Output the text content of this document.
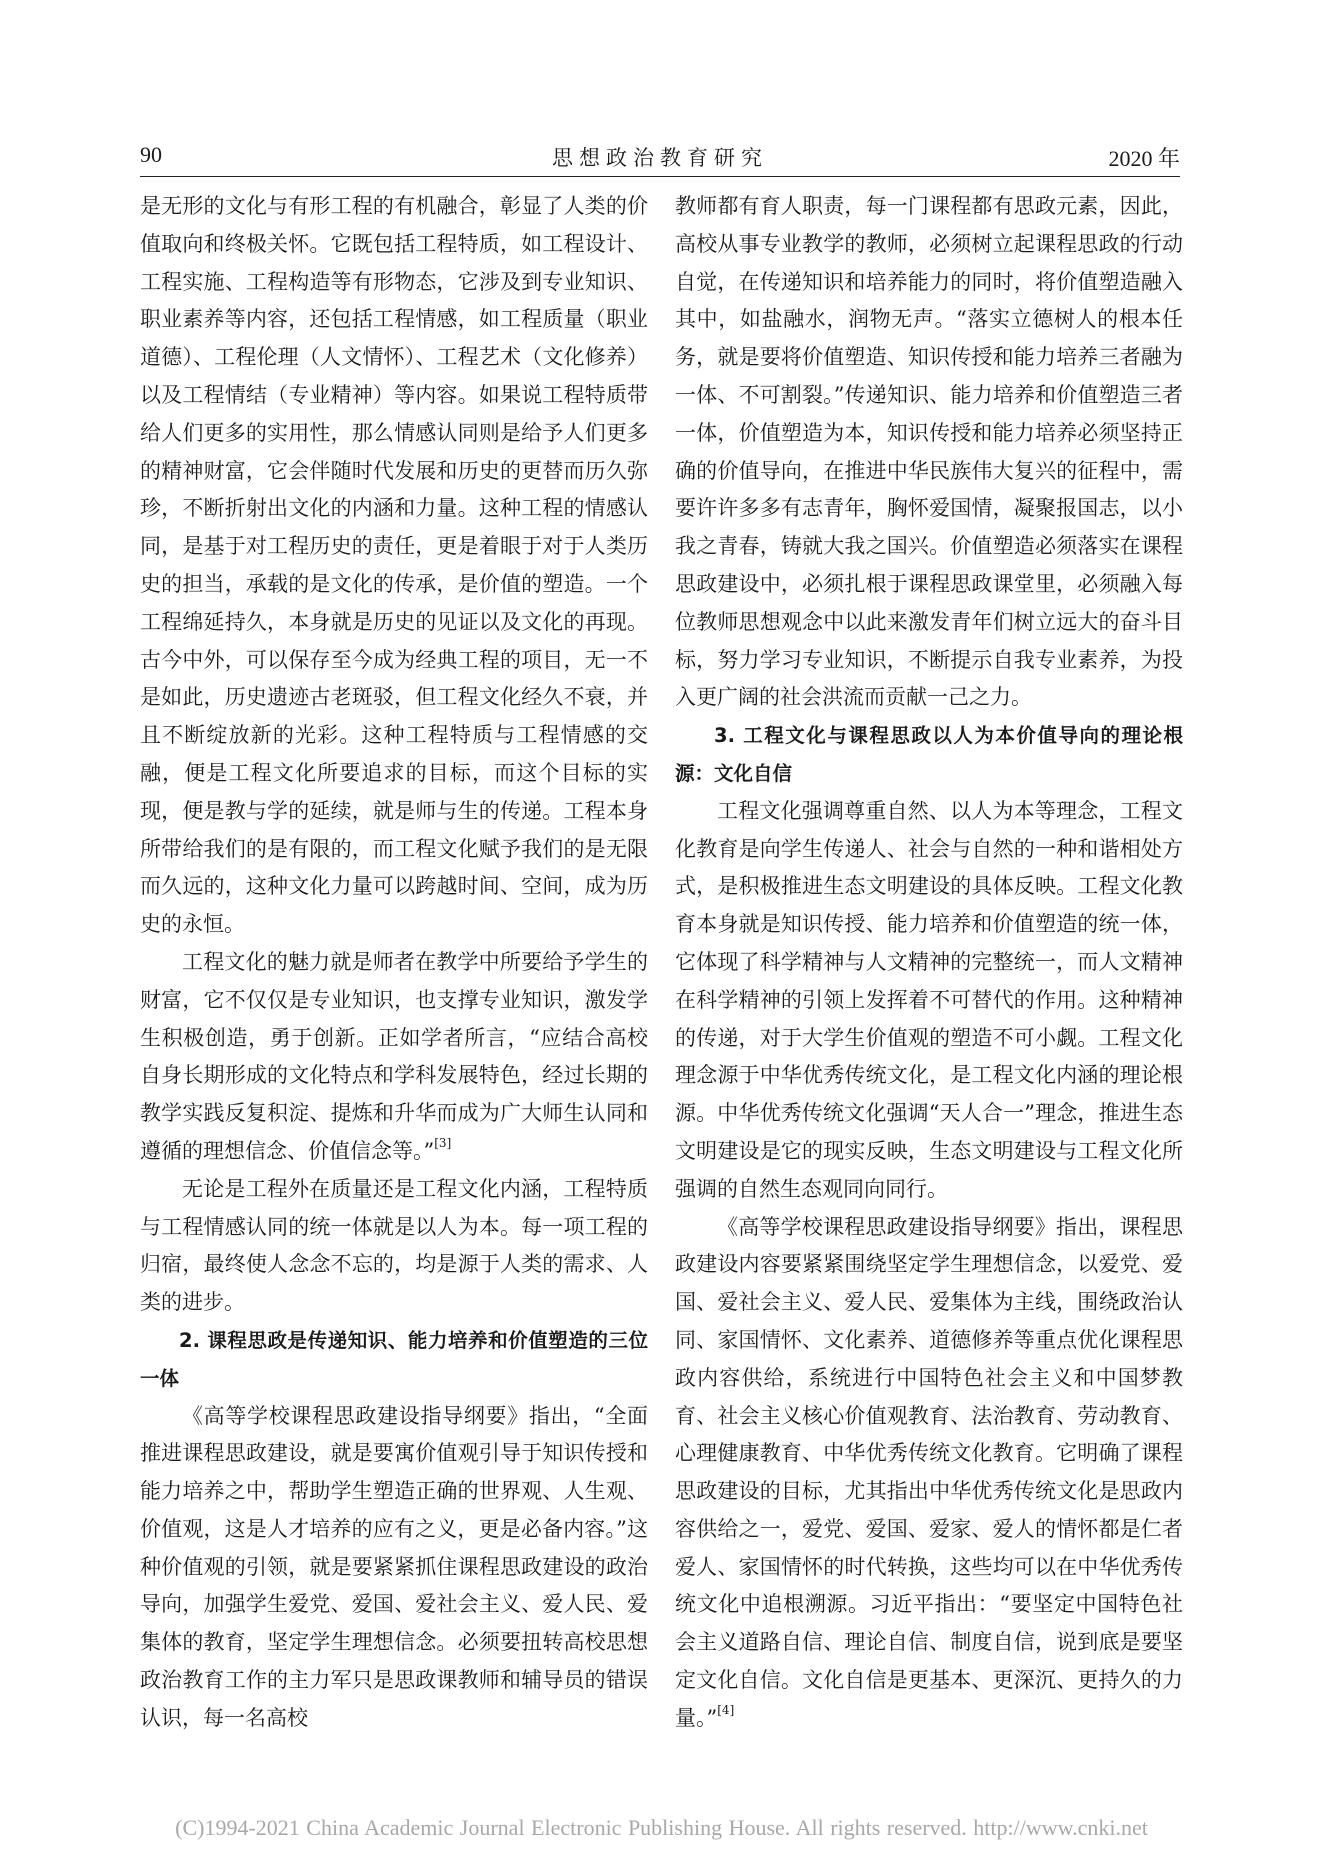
90	思想政治教育研究	2020 年

是无形的文化与有形工程的有机融合，彰显了人类的价值取向和终极关怀。它既包括工程特质，如工程设计、工程实施、工程构造等有形物态，它涉及到专业知识、职业素养等内容，还包括工程情感，如工程质量（职业道德）、工程伦理（人文情怀）、工程艺术（文化修养）以及工程情结（专业精神）等内容。如果说工程特质带给人们更多的实用性，那么情感认同则是给予人们更多的精神财富，它会伴随时代发展和历史的更替而历久弥珍，不断折射出文化的内涵和力量。这种工程的情感认同，是基于对工程历史的责任，更是着眼于对于人类历史的担当，承载的是文化的传承，是价值的塑造。一个工程绵延持久，本身就是历史的见证以及文化的再现。古今中外，可以保存至今成为经典工程的项目，无一不是如此，历史遗迹古老斑驳，但工程文化经久不衰，并且不断绽放新的光彩。这种工程特质与工程情感的交融，便是工程文化所要追求的目标，而这个目标的实现，便是教与学的延续，就是师与生的传递。工程本身所带给我们的是有限的，而工程文化赋予我们的是无限而久远的，这种文化力量可以跨越时间、空间，成为历史的永恒。

工程文化的魅力就是师者在教学中所要给予学生的财富，它不仅仅是专业知识，也支撑专业知识，激发学生积极创造，勇于创新。正如学者所言，“应结合高校自身长期形成的文化特点和学科发展特色，经过长期的教学实践反复积淀、提炼和升华而成为广大师生认同和遵循的理想信念、价值信念等。”[3]

无论是工程外在质量还是工程文化内涵，工程特质与工程情感认同的统一体就是以人为本。每一项工程的归宿，最终使人念念不忘的，均是源于人类的需求、人类的进步。

2. 课程思政是传递知识、能力培养和价值塑造的三位一体

《高等学校课程思政建设指导纲要》指出，“全面推进课程思政建设，就是要寓价值观引导于知识传授和能力培养之中，帮助学生塑造正确的世界观、人生观、价值观，这是人才培养的应有之义，更是必备内容。”这种价值观的引领，就是要紧紧抓住课程思政建设的政治导向，加强学生爱党、爱国、爱社会主义、爱人民、爱集体的教育，坚定学生理想信念。必须要扭转高校思想政治教育工作的主力军只是思政课教师和辅导员的错误认识，每一名高校

教师都有育人职责，每一门课程都有思政元素，因此，高校从事专业教学的教师，必须树立起课程思政的行动自觉，在传递知识和培养能力的同时，将价值塑造融入其中，如盐融水，润物无声。“落实立德树人的根本任务，就是要将价值塑造、知识传授和能力培养三者融为一体、不可割裂。”传递知识、能力培养和价值塑造三者一体，价值塑造为本，知识传授和能力培养必须坚持正确的价值导向，在推进中华民族伟大复兴的征程中，需要许许多多有志青年，胸怀爱国情，凝聚报国志，以小我之青春，铸就大我之国兴。价值塑造必须落实在课程思政建设中，必须扎根于课程思政课堂里，必须融入每位教师思想观念中以此来激发青年们树立远大的奋斗目标，努力学习专业知识，不断提示自我专业素养，为投入更广阔的社会洪流而贡献一己之力。

3. 工程文化与课程思政以人为本价值导向的理论根源：文化自信

工程文化强调尊重自然、以人为本等理念，工程文化教育是向学生传递人、社会与自然的一种和谐相处方式，是积极推进生态文明建设的具体反映。工程文化教育本身就是知识传授、能力培养和价值塑造的统一体，它体现了科学精神与人文精神的完整统一，而人文精神在科学精神的引领上发挥着不可替代的作用。这种精神的传递，对于大学生价值观的塑造不可小觑。工程文化理念源于中华优秀传统文化，是工程文化内涵的理论根源。中华优秀传统文化强调“天人合一”理念，推进生态文明建设是它的现实反映，生态文明建设与工程文化所强调的自然生态观同向同行。

《高等学校课程思政建设指导纲要》指出，课程思政建设内容要紧紧围绕坚定学生理想信念，以爱党、爱国、爱社会主义、爱人民、爱集体为主线，围绕政治认同、家国情怀、文化素养、道德修养等重点优化课程思政内容供给，系统进行中国特色社会主义和中国梦教育、社会主义核心价值观教育、法治教育、劳动教育、心理健康教育、中华优秀传统文化教育。它明确了课程思政建设的目标，尤其指出中华优秀传统文化是思政内容供给之一，爱党、爱国、爱家、爱人的情怀都是仁者爱人、家国情怀的时代转换，这些均可以在中华优秀传统文化中追根溯源。习近平指出：“要坚定中国特色社会主义道路自信、理论自信、制度自信，说到底是要坚定文化自信。文化自信是更基本、更深沉、更持久的力量。”[4]

(C)1994-2021 China Academic Journal Electronic Publishing House. All rights reserved. http://www.cnki.net
